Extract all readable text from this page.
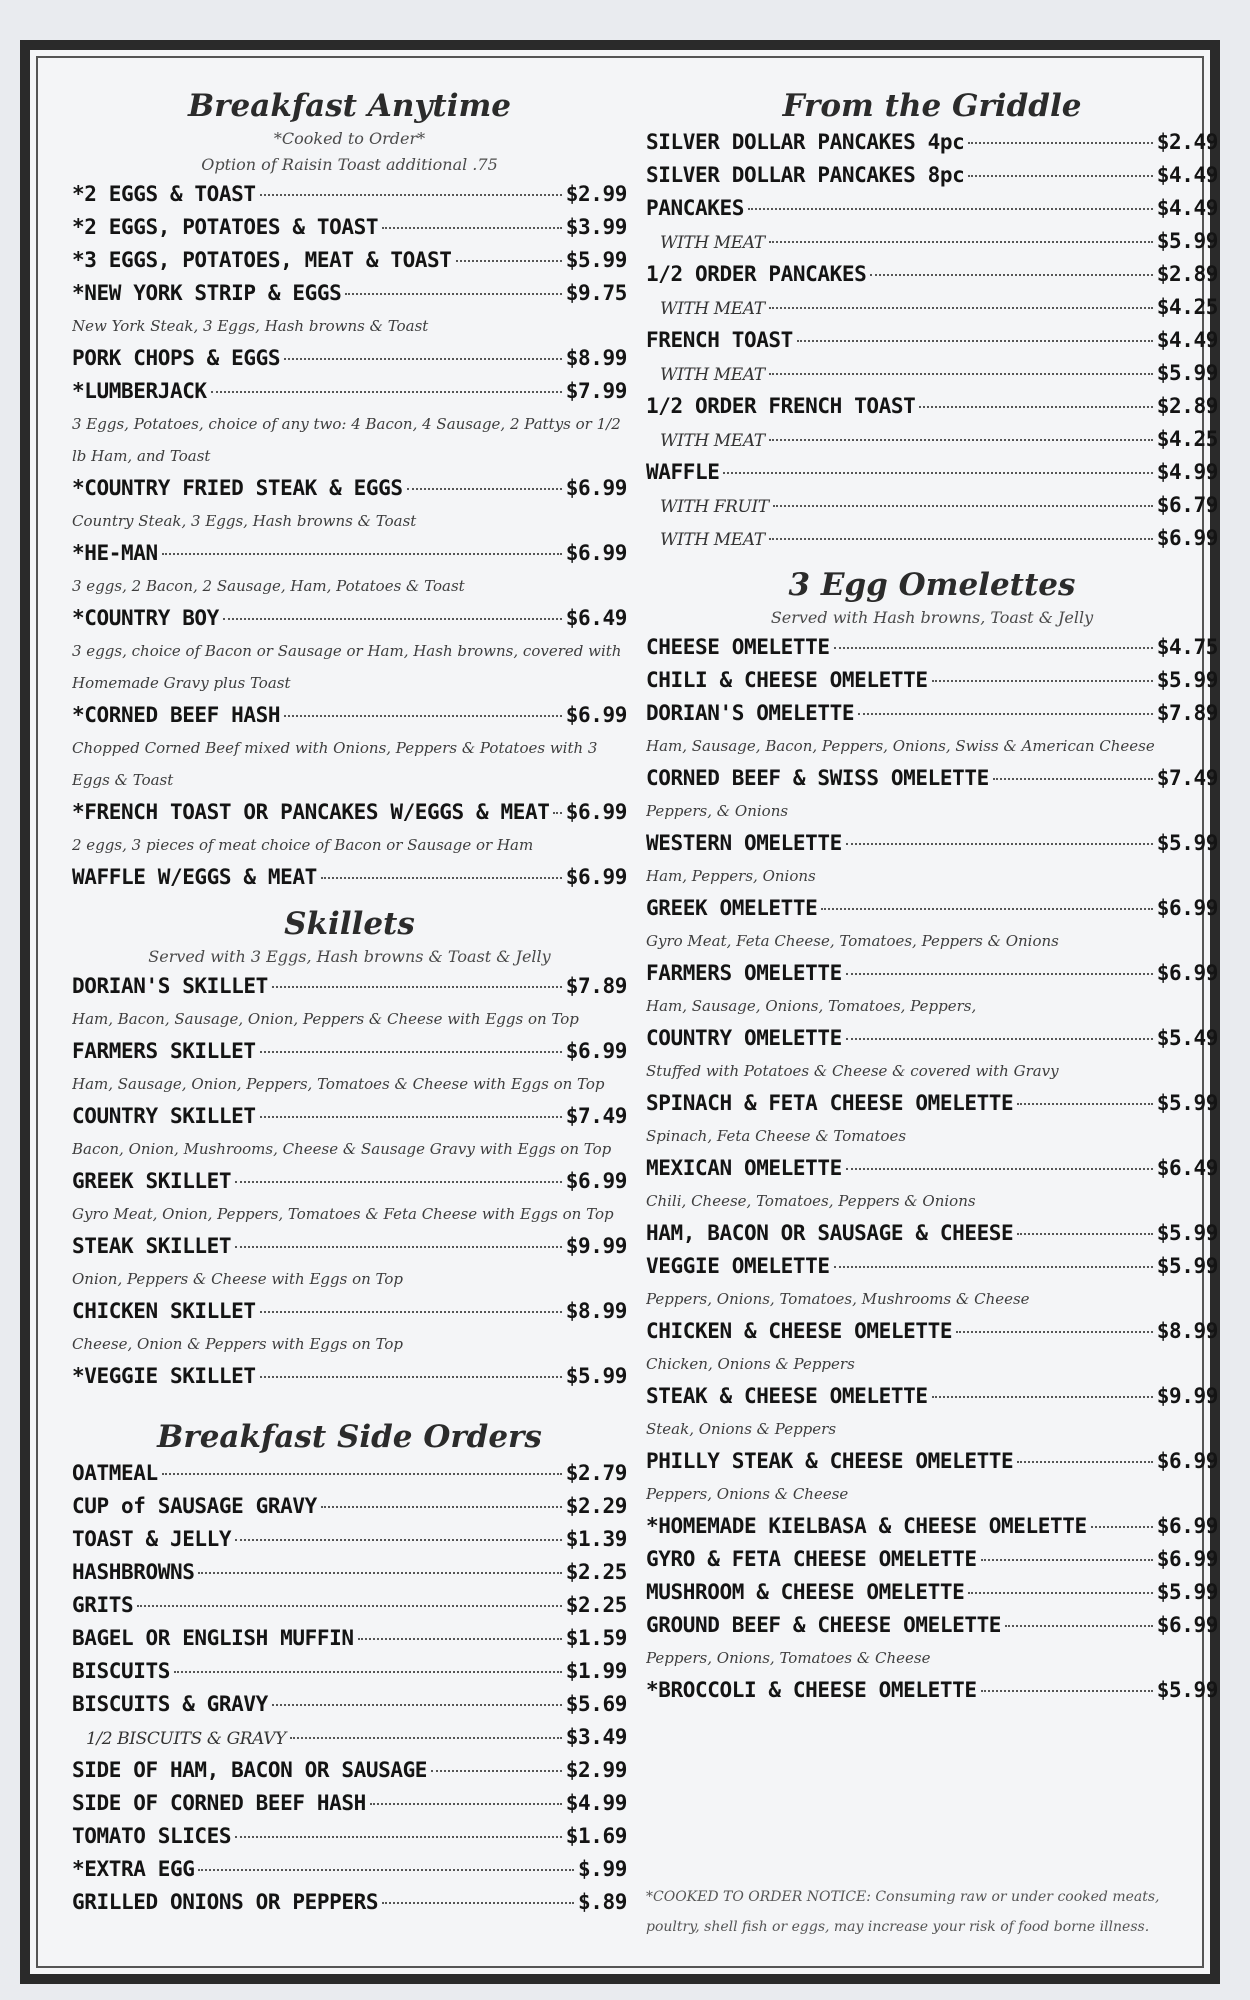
Breakfast Anytime

*Cooked to Order*

Option of Raisin Toast additional .75

*2 EGGS & TOAST	$2.99
*2 EGGS, POTATOES & TOAST	$3.99
*3 EGGS, POTATOES, MEAT & TOAST	$5.99
*NEW YORK STRIP & EGGS	$9.75

New York Steak, 3 Eggs, Hash browns & Toast

PORK CHOPS & EGGS	$8.99
*LUMBERJACK	$7.99

3 Eggs, Potatoes, choice of any two: 4 Bacon, 4 Sausage, 2 Pattys or 1/2 lb Ham, and Toast

*COUNTRY FRIED STEAK & EGGS	$6.99

Country Steak, 3 Eggs, Hash browns & Toast

*HE-MAN	$6.99

3 eggs, 2 Bacon, 2 Sausage, Ham, Potatoes & Toast

*COUNTRY BOY	$6.49

3 eggs, choice of Bacon or Sausage or Ham, Hash browns, covered with Homemade Gravy plus Toast

*CORNED BEEF HASH	$6.99

Chopped Corned Beef mixed with Onions, Peppers & Potatoes with 3 Eggs & Toast

*FRENCH TOAST OR PANCAKES W/EGGS & MEAT $6.99

2 eggs, 3 pieces of meat choice of Bacon or Sausage or Ham

WAFFLE W/EGGS & MEAT	$6.99
Skillets

Served with 3 Eggs, Hash browns & Toast & Jelly

DORIAN'S SKILLET	$7.89

Ham, Bacon, Sausage, Onion, Peppers & Cheese with Eggs on Top

FARMERS SKILLET	$6.99

Ham, Sausage, Onion, Peppers, Tomatoes & Cheese with Eggs on Top

COUNTRY SKILLET	$7.49

Bacon, Onion, Mushrooms, Cheese & Sausage Gravy with Eggs on Top

GREEK SKILLET	$6.99

Gyro Meat, Onion, Peppers, Tomatoes & Feta Cheese with Eggs on Top

STEAK SKILLET	$9.99

Onion, Peppers & Cheese with Eggs on Top

CHICKEN SKILLET	$8.99

Cheese, Onion & Peppers with Eggs on Top

*VEGGIE SKILLET	$5.99
Breakfast Side Orders
OATMEAL	$2.79
CUP of SAUSAGE GRAVY	$2.29
TOAST & JELLY	$1.39
HASHBROWNS	$2.25
GRITS	$2.25
BAGEL OR ENGLISH MUFFIN	$1.59
BISCUITS	$1.99
BISCUITS & GRAVY	$5.69
1/2 BISCUITS & GRAVY	$3.49
SIDE OF HAM, BACON OR SAUSAGE	$2.99
SIDE OF CORNED BEEF HASH	$4.99
TOMATO SLICES	$1.69
*EXTRA EGG	$.99
GRILLED ONIONS OR PEPPERS	$.89
From the Griddle
SILVER DOLLAR PANCAKES 4pc	$2.49
SILVER DOLLAR PANCAKES 8pc	$4.49
PANCAKES	$4.49
WITH MEAT	$5.99
1/2 ORDER PANCAKES	$2.89
WITH MEAT	$4.25
FRENCH TOAST	$4.49
WITH MEAT	$5.99
1/2 ORDER FRENCH TOAST	$2.89
WITH MEAT	$4.25
WAFFLE	$4.99
WITH FRUIT	$6.79
WITH MEAT	$6.99
3 Egg Omelettes

Served with Hash browns, Toast & Jelly

CHEESE OMELETTE	$4.75
CHILI & CHEESE OMELETTE	$5.99
DORIAN'S OMELETTE	$7.89

Ham, Sausage, Bacon, Peppers, Onions, Swiss & American Cheese

CORNED BEEF & SWISS OMELETTE	$7.49

Peppers, & Onions

WESTERN OMELETTE	$5.99

Ham, Peppers, Onions

GREEK OMELETTE	$6.99

Gyro Meat, Feta Cheese, Tomatoes, Peppers & Onions

FARMERS OMELETTE	$6.99

Ham, Sausage, Onions, Tomatoes, Peppers,

COUNTRY OMELETTE	$5.49

Stuffed with Potatoes & Cheese & covered with Gravy

SPINACH & FETA CHEESE OMELETTE	$5.99

Spinach, Feta Cheese & Tomatoes

MEXICAN OMELETTE	$6.49

Chili, Cheese, Tomatoes, Peppers & Onions

HAM, BACON OR SAUSAGE & CHEESE	$5.99
VEGGIE OMELETTE	$5.99

Peppers, Onions, Tomatoes, Mushrooms & Cheese

CHICKEN & CHEESE OMELETTE	$8.99

Chicken, Onions & Peppers

STEAK & CHEESE OMELETTE	$9.99

Steak, Onions & Peppers

PHILLY STEAK & CHEESE OMELETTE	$6.99

Peppers, Onions & Cheese

*HOMEMADE KIELBASA & CHEESE OMELETTE	$6.99
GYRO & FETA CHEESE OMELETTE	$6.99
MUSHROOM & CHEESE OMELETTE	$5.99
GROUND BEEF & CHEESE OMELETTE	$6.99

Peppers, Onions, Tomatoes & Cheese

*BROCCOLI & CHEESE OMELETTE	$5.99

*COOKED TO ORDER NOTICE: Consuming raw or under cooked meats, poultry, shell fish or eggs, may increase your risk of food borne illness.
